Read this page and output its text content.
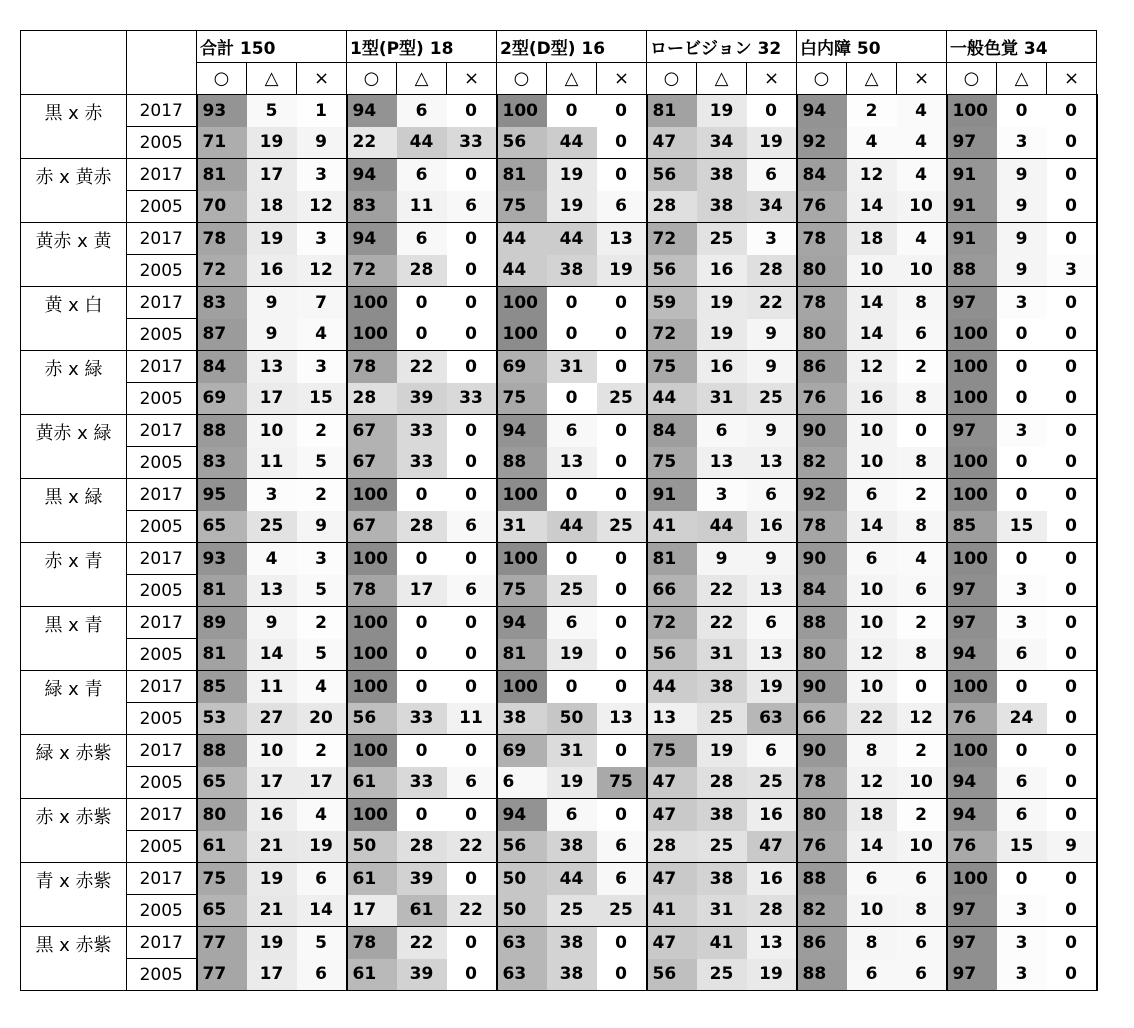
		合計 150			1型(P型) 18			2型(D型) 16			ロービジョン 32			白内障 50			一般色覚 34		
		○	△	×	○	△	×	○	△	×	○	△	×	○	△	×	○	△	×
黒 x 赤	2017	93	5	1	94	6	0	100	0	0	81	19	0	94	2	4	100	0	0
	2005	71	19	9	22	44	33	56	44	0	47	34	19	92	4	4	97	3	0
赤 x 黄赤	2017	81	17	3	94	6	0	81	19	0	56	38	6	84	12	4	91	9	0
	2005	70	18	12	83	11	6	75	19	6	28	38	34	76	14	10	91	9	0
黄赤 x 黄	2017	78	19	3	94	6	0	44	44	13	72	25	3	78	18	4	91	9	0
	2005	72	16	12	72	28	0	44	38	19	56	16	28	80	10	10	88	9	3
黄 x 白	2017	83	9	7	100	0	0	100	0	0	59	19	22	78	14	8	97	3	0
	2005	87	9	4	100	0	0	100	0	0	72	19	9	80	14	6	100	0	0
赤 x 緑	2017	84	13	3	78	22	0	69	31	0	75	16	9	86	12	2	100	0	0
	2005	69	17	15	28	39	33	75	0	25	44	31	25	76	16	8	100	0	0
黄赤 x 緑	2017	88	10	2	67	33	0	94	6	0	84	6	9	90	10	0	97	3	0
	2005	83	11	5	67	33	0	88	13	0	75	13	13	82	10	8	100	0	0
黒 x 緑	2017	95	3	2	100	0	0	100	0	0	91	3	6	92	6	2	100	0	0
	2005	65	25	9	67	28	6	31	44	25	41	44	16	78	14	8	85	15	0
赤 x 青	2017	93	4	3	100	0	0	100	0	0	81	9	9	90	6	4	100	0	0
	2005	81	13	5	78	17	6	75	25	0	66	22	13	84	10	6	97	3	0
黒 x 青	2017	89	9	2	100	0	0	94	6	0	72	22	6	88	10	2	97	3	0
	2005	81	14	5	100	0	0	81	19	0	56	31	13	80	12	8	94	6	0
緑 x 青	2017	85	11	4	100	0	0	100	0	0	44	38	19	90	10	0	100	0	0
	2005	53	27	20	56	33	11	38	50	13	13	25	63	66	22	12	76	24	0
緑 x 赤紫	2017	88	10	2	100	0	0	69	31	0	75	19	6	90	8	2	100	0	0
	2005	65	17	17	61	33	6	6	19	75	47	28	25	78	12	10	94	6	0
赤 x 赤紫	2017	80	16	4	100	0	0	94	6	0	47	38	16	80	18	2	94	6	0
	2005	61	21	19	50	28	22	56	38	6	28	25	47	76	14	10	76	15	9
青 x 赤紫	2017	75	19	6	61	39	0	50	44	6	47	38	16	88	6	6	100	0	0
	2005	65	21	14	17	61	22	50	25	25	41	31	28	82	10	8	97	3	0
黒 x 赤紫	2017	77	19	5	78	22	0	63	38	0	47	41	13	86	8	6	97	3	0
	2005	77	17	6	61	39	0	63	38	0	56	25	19	88	6	6	97	3	0
